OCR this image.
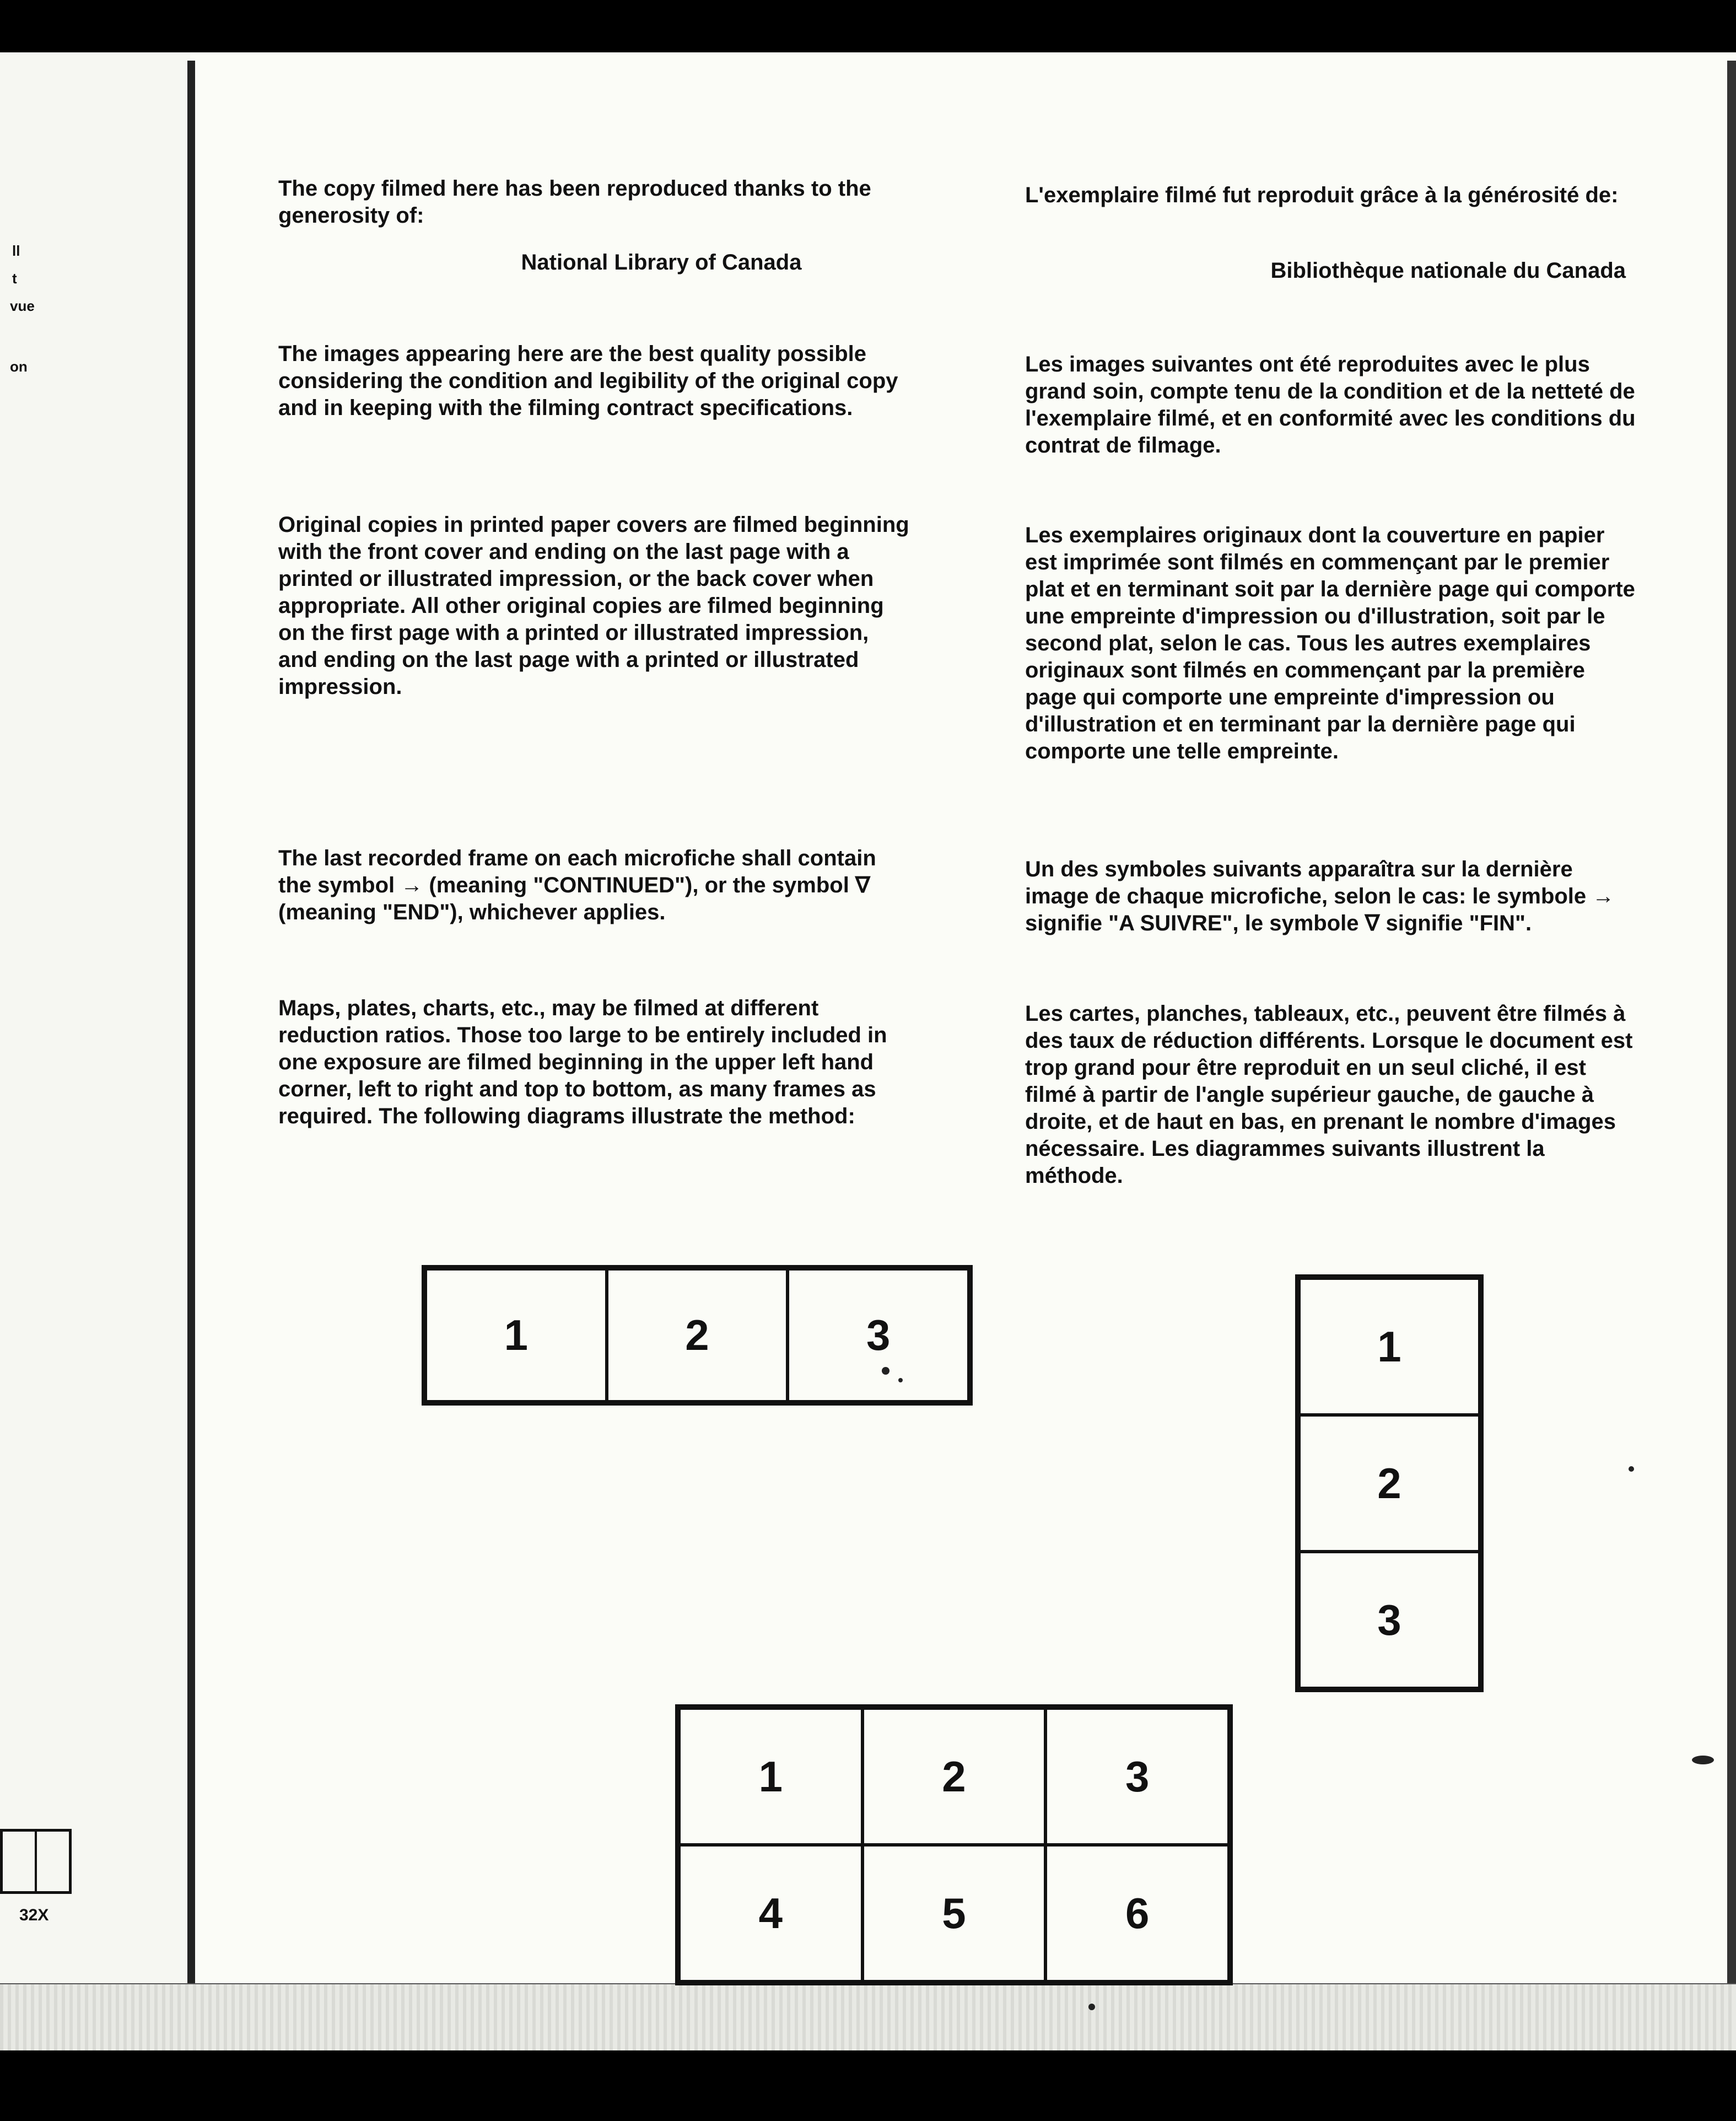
ll
t
vue
on
32X

The copy filmed here has been reproduced thanks to the generosity of:

National Library of Canada

The images appearing here are the best quality possible considering the condition and legibility of the original copy and in keeping with the filming contract specifications.

Original copies in printed paper covers are filmed beginning with the front cover and ending on the last page with a printed or illustrated impression, or the back cover when appropriate. All other original copies are filmed beginning on the first page with a printed or illustrated impression, and ending on the last page with a printed or illustrated impression.

The last recorded frame on each microfiche shall contain the symbol → (meaning "CONTINUED"), or the symbol ∇ (meaning "END"), whichever applies.

Maps, plates, charts, etc., may be filmed at different reduction ratios. Those too large to be entirely included in one exposure are filmed beginning in the upper left hand corner, left to right and top to bottom, as many frames as required. The following diagrams illustrate the method:

L'exemplaire filmé fut reproduit grâce à la générosité de:

Bibliothèque nationale du Canada

Les images suivantes ont été reproduites avec le plus grand soin, compte tenu de la condition et de la netteté de l'exemplaire filmé, et en conformité avec les conditions du contrat de filmage.

Les exemplaires originaux dont la couverture en papier est imprimée sont filmés en commençant par le premier plat et en terminant soit par la dernière page qui comporte une empreinte d'impression ou d'illustration, soit par le second plat, selon le cas. Tous les autres exemplaires originaux sont filmés en commençant par la première page qui comporte une empreinte d'impression ou d'illustration et en terminant par la dernière page qui comporte une telle empreinte.

Un des symboles suivants apparaîtra sur la dernière image de chaque microfiche, selon le cas: le symbole → signifie "A SUIVRE", le symbole ∇ signifie "FIN".

Les cartes, planches, tableaux, etc., peuvent être filmés à des taux de réduction différents. Lorsque le document est trop grand pour être reproduit en un seul cliché, il est filmé à partir de l'angle supérieur gauche, de gauche à droite, et de haut en bas, en prenant le nombre d'images nécessaire. Les diagrammes suivants illustrent la méthode.

1	2	3	1
2
3
1	2	3
4	5	6
